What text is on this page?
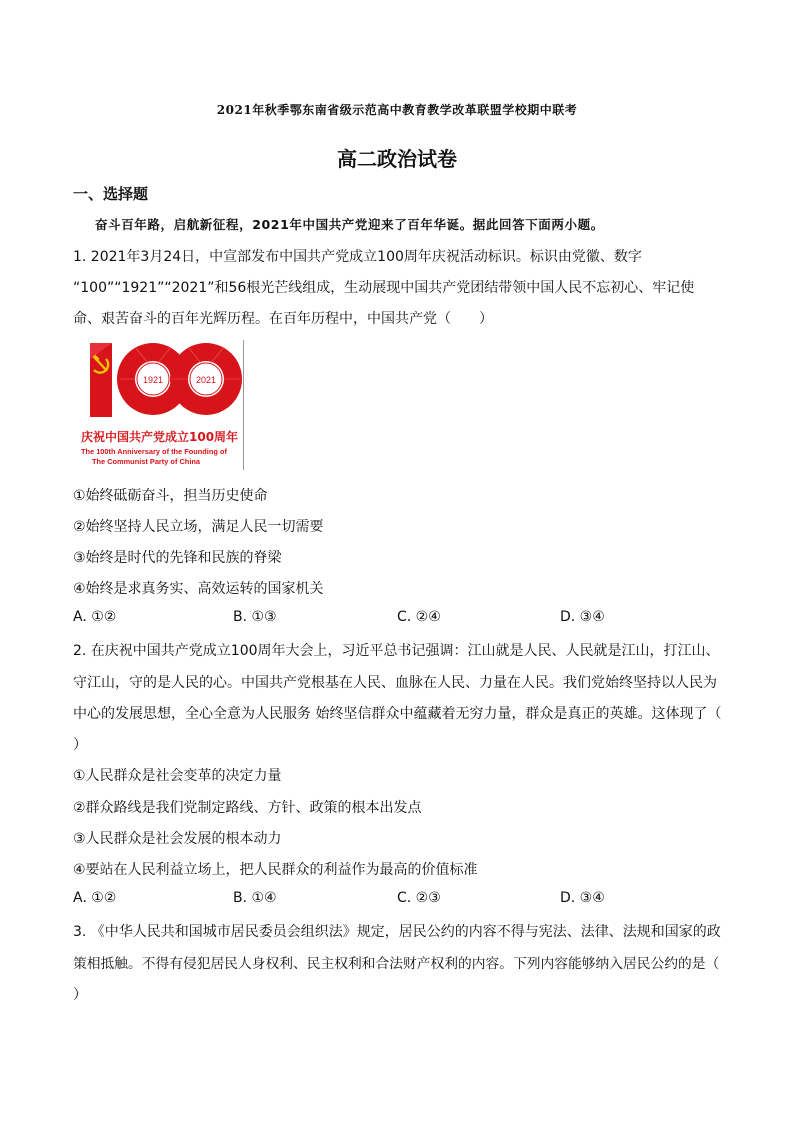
2021年秋季鄂东南省级示范高中教育教学改革联盟学校期中联考
高二政治试卷
一、选择题
奋斗百年路，启航新征程，2021年中国共产党迎来了百年华诞。据此回答下面两小题。
1. 2021年3月24日，中宣部发布中国共产党成立100周年庆祝活动标识。标识由党徽、数字
“100”“1921”“2021”和56根光芒线组成，生动展现中国共产党团结带领中国人民不忘初心、牢记使
命、艰苦奋斗的百年光辉历程。在百年历程中，中国共产党（　　）
1921	2021
庆祝中国共产党成立100周年
The 100th Anniversary of the Founding of
The Communist Party of China
①始终砥砺奋斗，担当历史使命
②始终坚持人民立场，满足人民一切需要
③始终是时代的先锋和民族的脊梁
④始终是求真务实、高效运转的国家机关
A. ①②	B. ①③	C. ②④	D. ③④
2. 在庆祝中国共产党成立100周年大会上，习近平总书记强调：江山就是人民、人民就是江山，打江山、
守江山，守的是人民的心。中国共产党根基在人民、血脉在人民、力量在人民。我们党始终坚持以人民为
中心的发展思想，全心全意为人民服务 始终坚信群众中蕴藏着无穷力量，群众是真正的英雄。这体现了（
）
①人民群众是社会变革的决定力量
②群众路线是我们党制定路线、方针、政策的根本出发点
③人民群众是社会发展的根本动力
④要站在人民利益立场上，把人民群众的利益作为最高的价值标准
A. ①②	B. ①④	C. ②③	D. ③④
3. 《中华人民共和国城市居民委员会组织法》规定，居民公约的内容不得与宪法、法律、法规和国家的政
策相抵触。不得有侵犯居民人身权利、民主权利和合法财产权利的内容。下列内容能够纳入居民公约的是（
）
